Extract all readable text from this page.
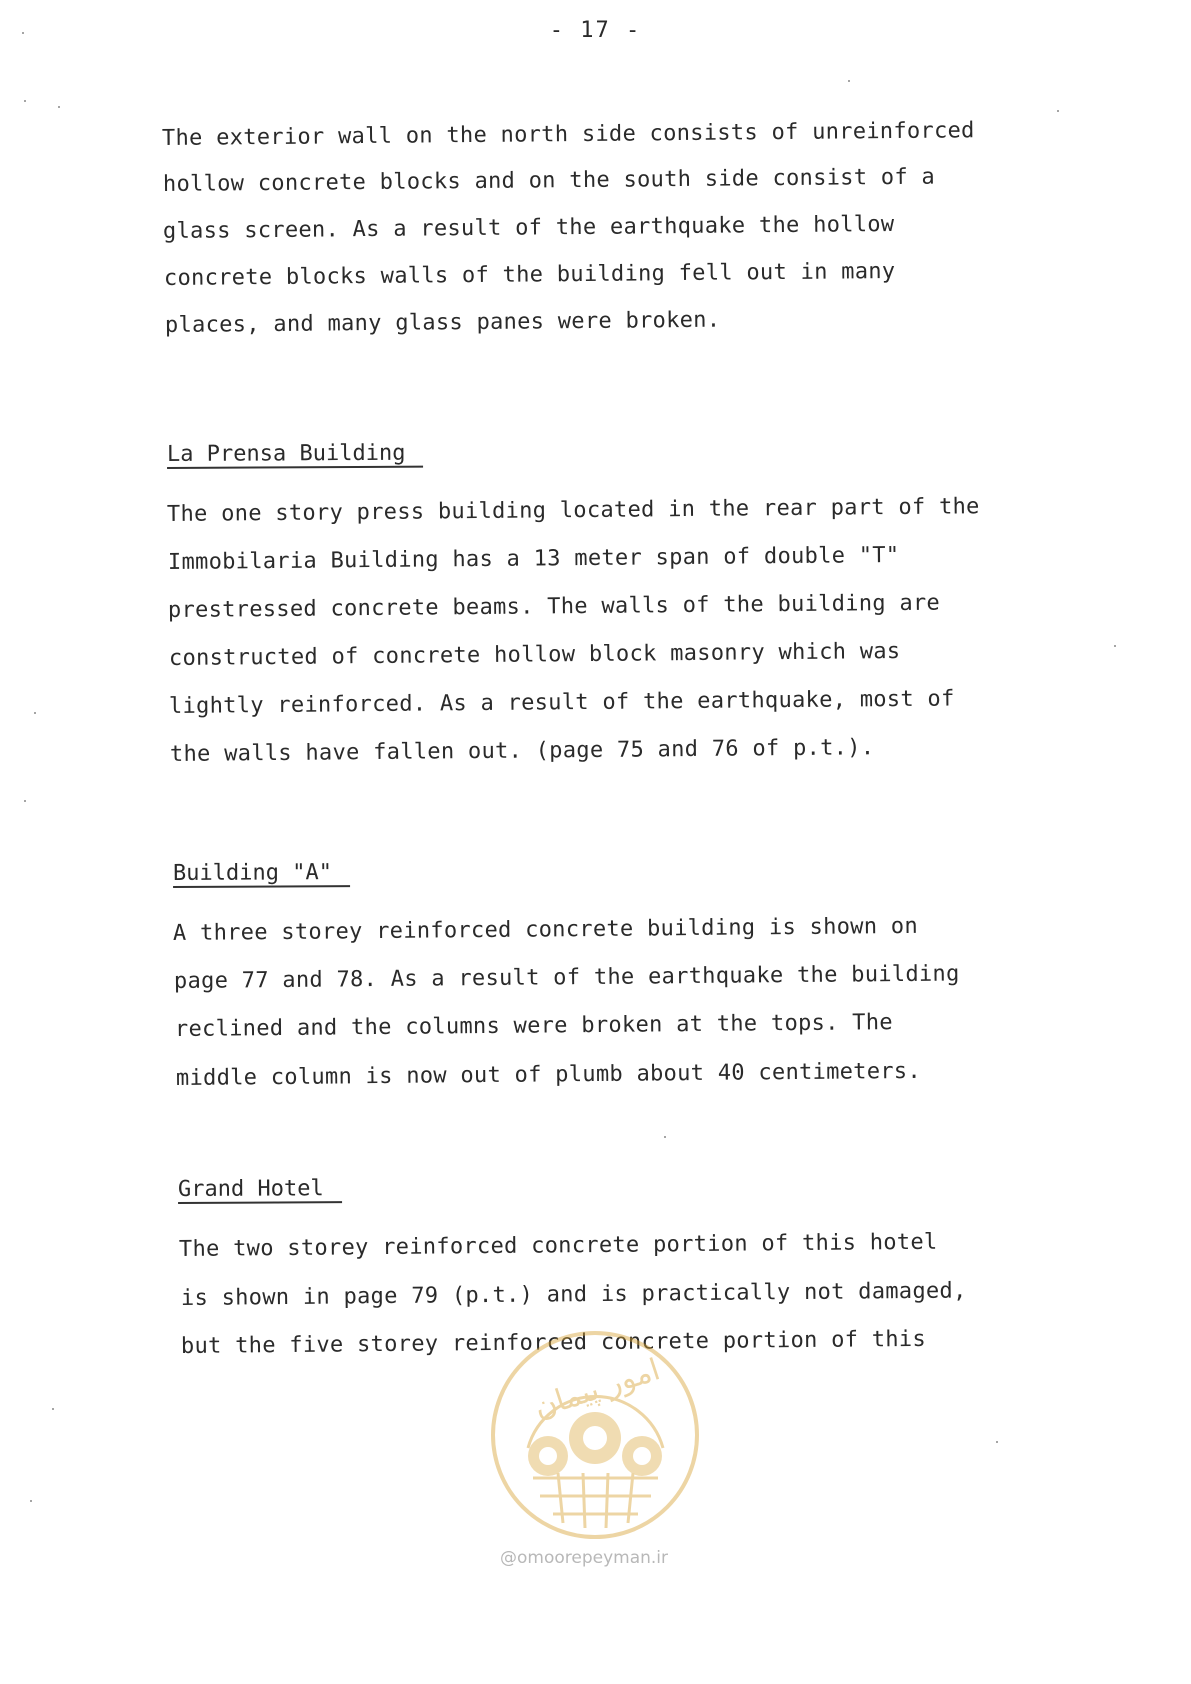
- 17 -
The exterior wall on the north side consists of unreinforced
hollow concrete blocks and on the south side consist of a
glass screen. As a result of the earthquake the hollow
concrete blocks walls of the building fell out in many
places, and many glass panes were broken.
La Prensa Building
The one story press building located in the rear part of the
Immobilaria Building has a 13 meter span of double "T"
prestressed concrete beams. The walls of the building are
constructed of concrete hollow block masonry which was
lightly reinforced. As a result of the earthquake, most of
the walls have fallen out. (page 75 and 76 of p.t.).
Building "A"
A three storey reinforced concrete building is shown on
page 77 and 78. As a result of the earthquake the building
reclined and the columns were broken at the tops. The
middle column is now out of plumb about 40 centimeters.
Grand Hotel
The two storey reinforced concrete portion of this hotel
is shown in page 79 (p.t.) and is practically not damaged,
but the five storey reinforced concrete portion of this
امور پیمان
@omoorepeyman.ir
